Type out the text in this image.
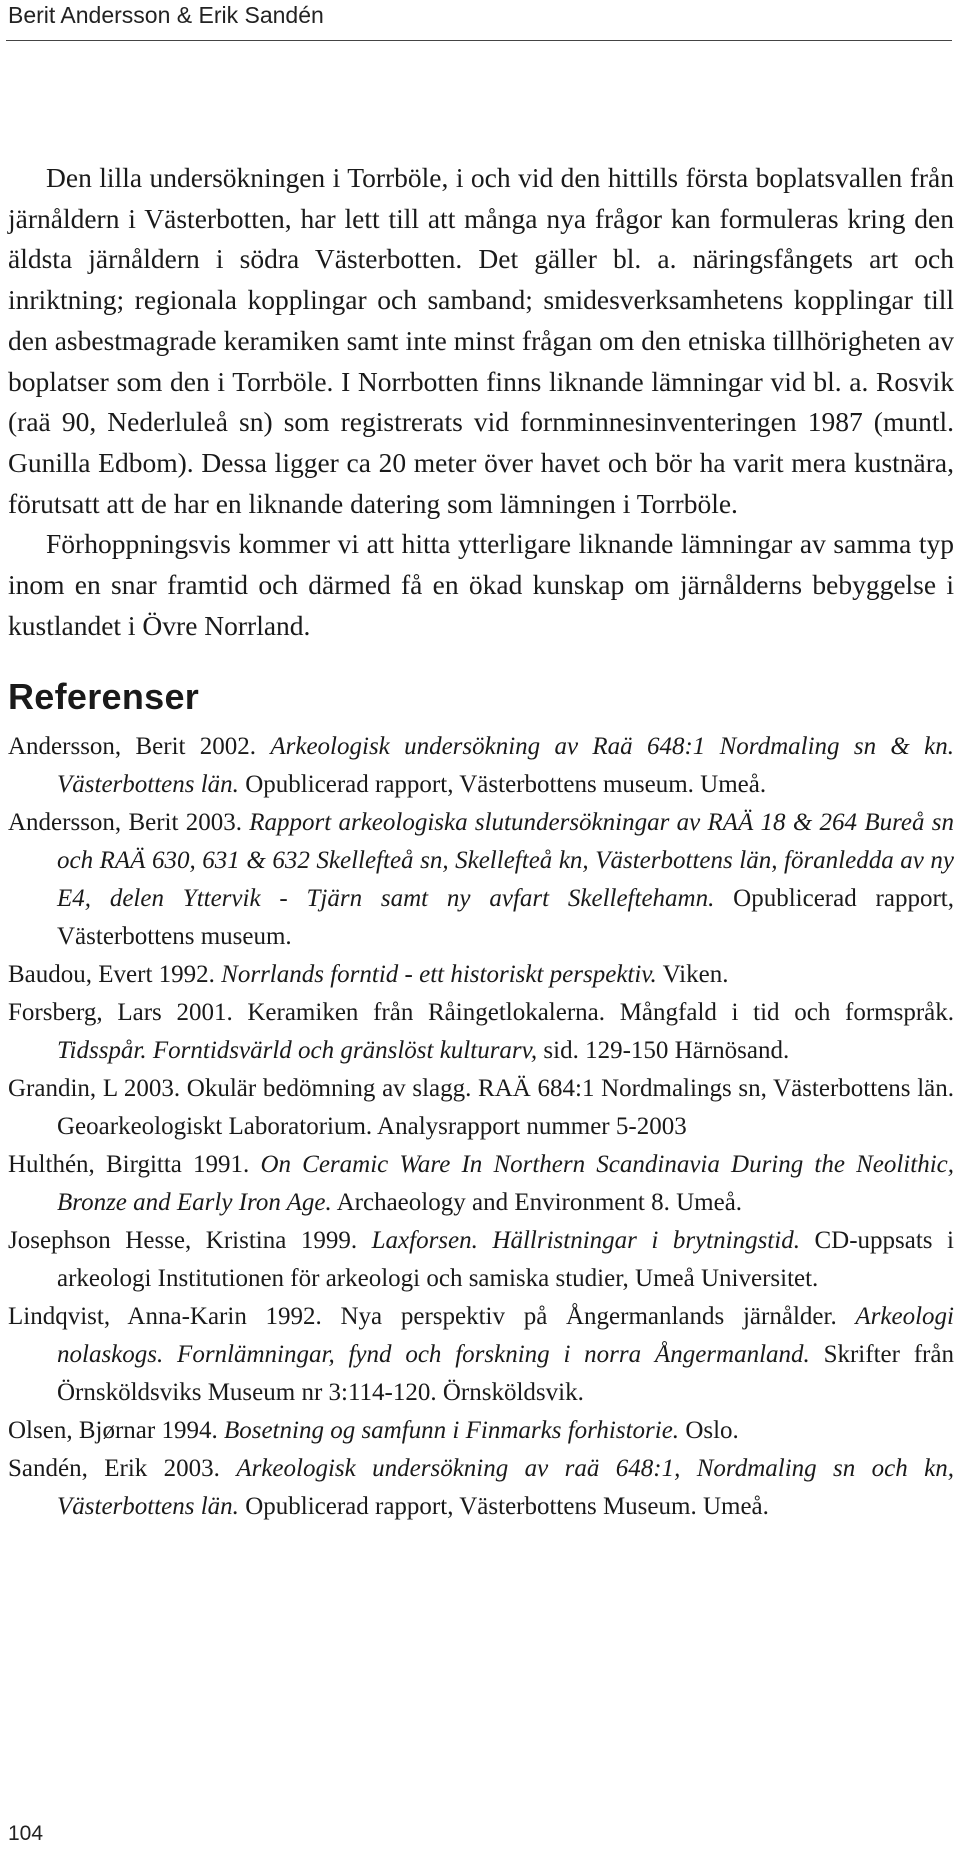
Berit Andersson & Erik Sandén

Den lilla undersökningen i Torrböle, i och vid den hittills första boplatsvallen från järnåldern i Västerbotten, har lett till att många nya frågor kan formuleras kring den äldsta järnåldern i södra Västerbotten. Det gäller bl. a. näringsfångets art och inriktning; regionala kopplingar och samband; smidesverksamhetens kopplingar till den asbestmagrade keramiken samt inte minst frågan om den etniska tillhörigheten av boplatser som den i Torrböle. I Norrbotten finns liknande lämningar vid bl. a. Rosvik (raä 90, Nederluleå sn) som registrerats vid fornminnesinventeringen 1987 (muntl. Gunilla Edbom). Dessa ligger ca 20 meter över havet och bör ha varit mera kustnära, förutsatt att de har en liknande datering som lämningen i Torrböle.

Förhoppningsvis kommer vi att hitta ytterligare liknande lämningar av samma typ inom en snar framtid och därmed få en ökad kunskap om järnålderns bebyggelse i kustlandet i Övre Norrland.

Referenser
Andersson, Berit 2002. Arkeologisk undersökning av Raä 648:1 Nordmaling sn & kn. Västerbottens län. Opublicerad rapport, Västerbottens museum. Umeå.
Andersson, Berit 2003. Rapport arkeologiska slutundersökningar av RAÄ 18 & 264 Bureå sn och RAÄ 630, 631 & 632 Skellefteå sn, Skellefteå kn, Västerbottens län, föranledda av ny E4, delen Yttervik - Tjärn samt ny avfart Skelleftehamn. Opublicerad rapport, Västerbottens museum.
Baudou, Evert 1992. Norrlands forntid - ett historiskt perspektiv. Viken.
Forsberg, Lars 2001. Keramiken från Råingetlokalerna. Mångfald i tid och formspråk. Tidsspår. Forntidsvärld och gränslöst kulturarv, sid. 129-150 Härnösand.
Grandin, L 2003. Okulär bedömning av slagg. RAÄ 684:1 Nordmalings sn, Västerbottens län. Geoarkeologiskt Laboratorium. Analysrapport nummer 5-2003
Hulthén, Birgitta 1991. On Ceramic Ware In Northern Scandinavia During the Neolithic, Bronze and Early Iron Age. Archaeology and Environment 8. Umeå.
Josephson Hesse, Kristina 1999. Laxforsen. Hällristningar i brytningstid. CD-uppsats i arkeologi Institutionen för arkeologi och samiska studier, Umeå Universitet.
Lindqvist, Anna-Karin 1992. Nya perspektiv på Ångermanlands järnålder. Arkeologi nolaskogs. Fornlämningar, fynd och forskning i norra Ångermanland. Skrifter från Örnsköldsviks Museum nr 3:114-120. Örnsköldsvik.
Olsen, Bjørnar 1994. Bosetning og samfunn i Finmarks forhistorie. Oslo.
Sandén, Erik 2003. Arkeologisk undersökning av raä 648:1, Nordmaling sn och kn, Västerbottens län. Opublicerad rapport, Västerbottens Museum. Umeå.
104
